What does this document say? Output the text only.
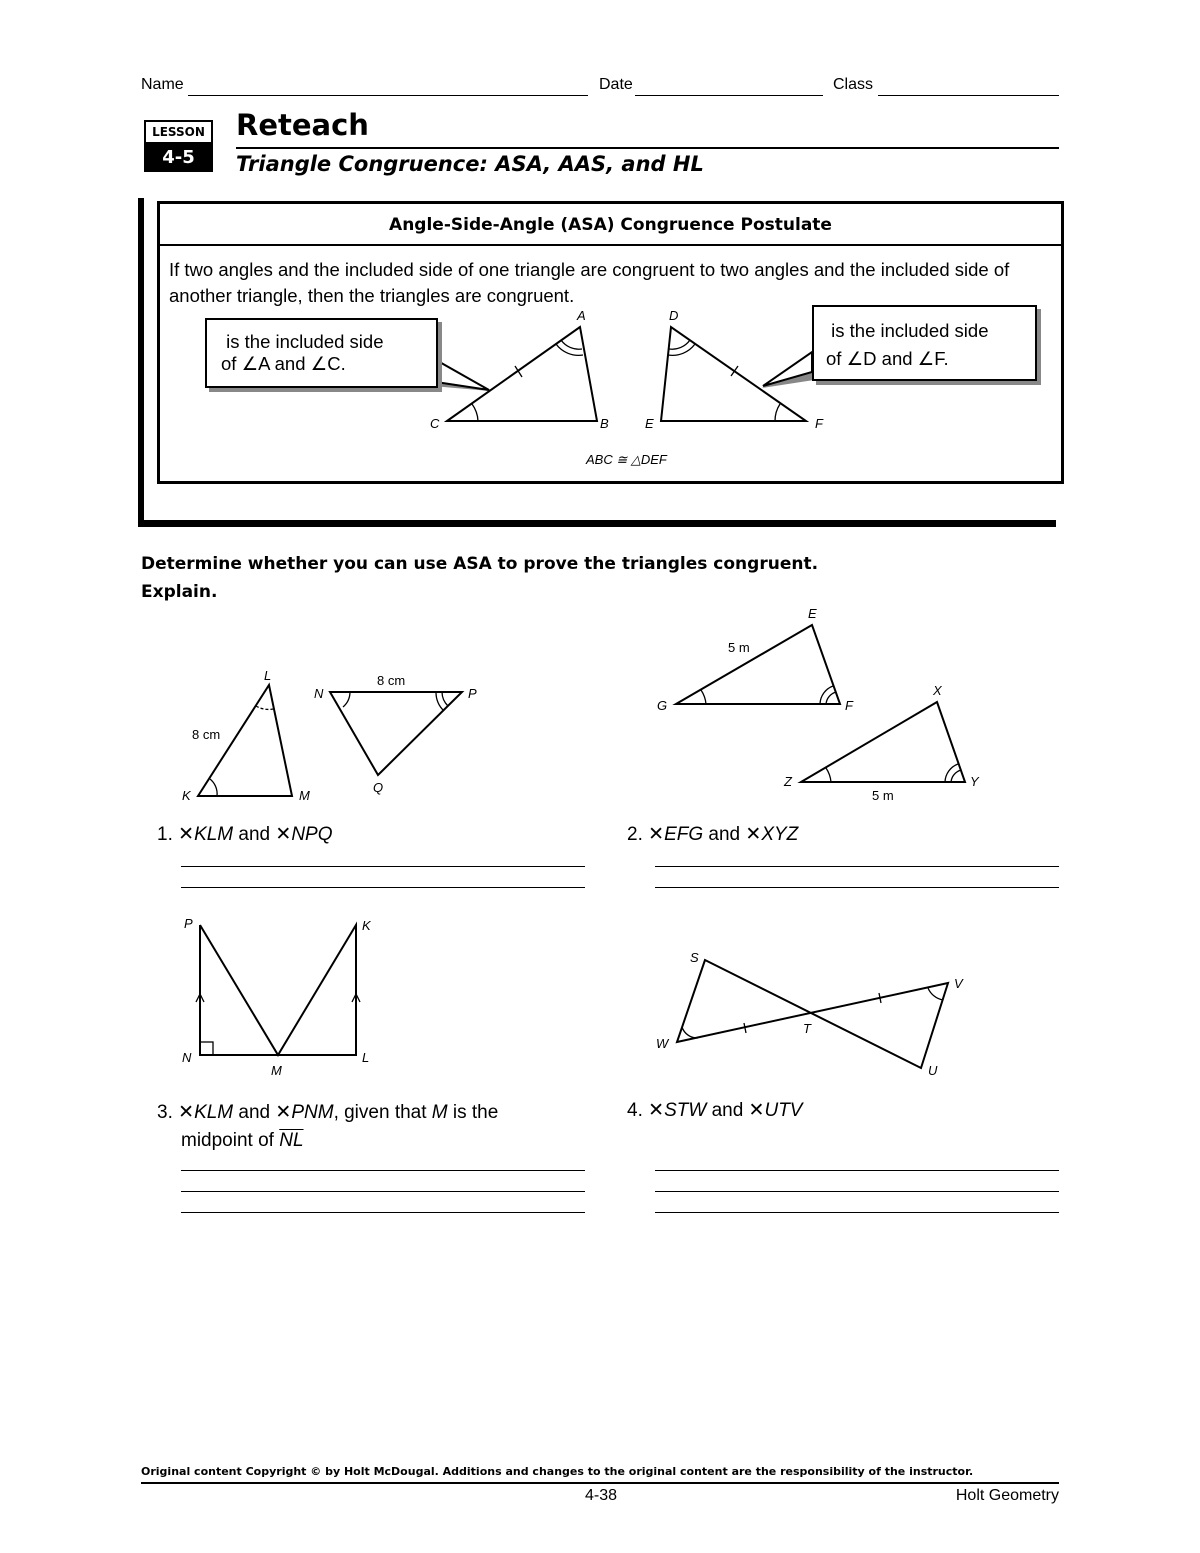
Name	Date	Class
LESSON
4-5
Reteach
Triangle Congruence: ASA, AAS, and HL
Angle-Side-Angle (ASA) Congruence Postulate
If two angles and the included side of one triangle are congruent to two angles and the included side of another triangle, then the triangles are congruent.
A
B
C
D
E	F
ABC ≅ △DEF
is the included side
of ∠A and ∠C.
is the included side
of ∠D and ∠F.
Determine whether you can use ASA to prove the triangles congruent.
Explain.
L
K	M
8 cm
8 cm
N	P
Q
E
F
G
5 m
X
Y
Z
5 m
P	K
N
M
L
S
V
W
T
U
1. ✕KLM and ✕NPQ	2. ✕EFG and ✕XYZ
3. ✕KLM and ✕PNM, given that M is the
midpoint of $\overline{NL}$
4. ✕STW and ✕UTV
Original content Copyright © by Holt McDougal. Additions and changes to the original content are the responsibility of the instructor.
4-38	Holt Geometry
